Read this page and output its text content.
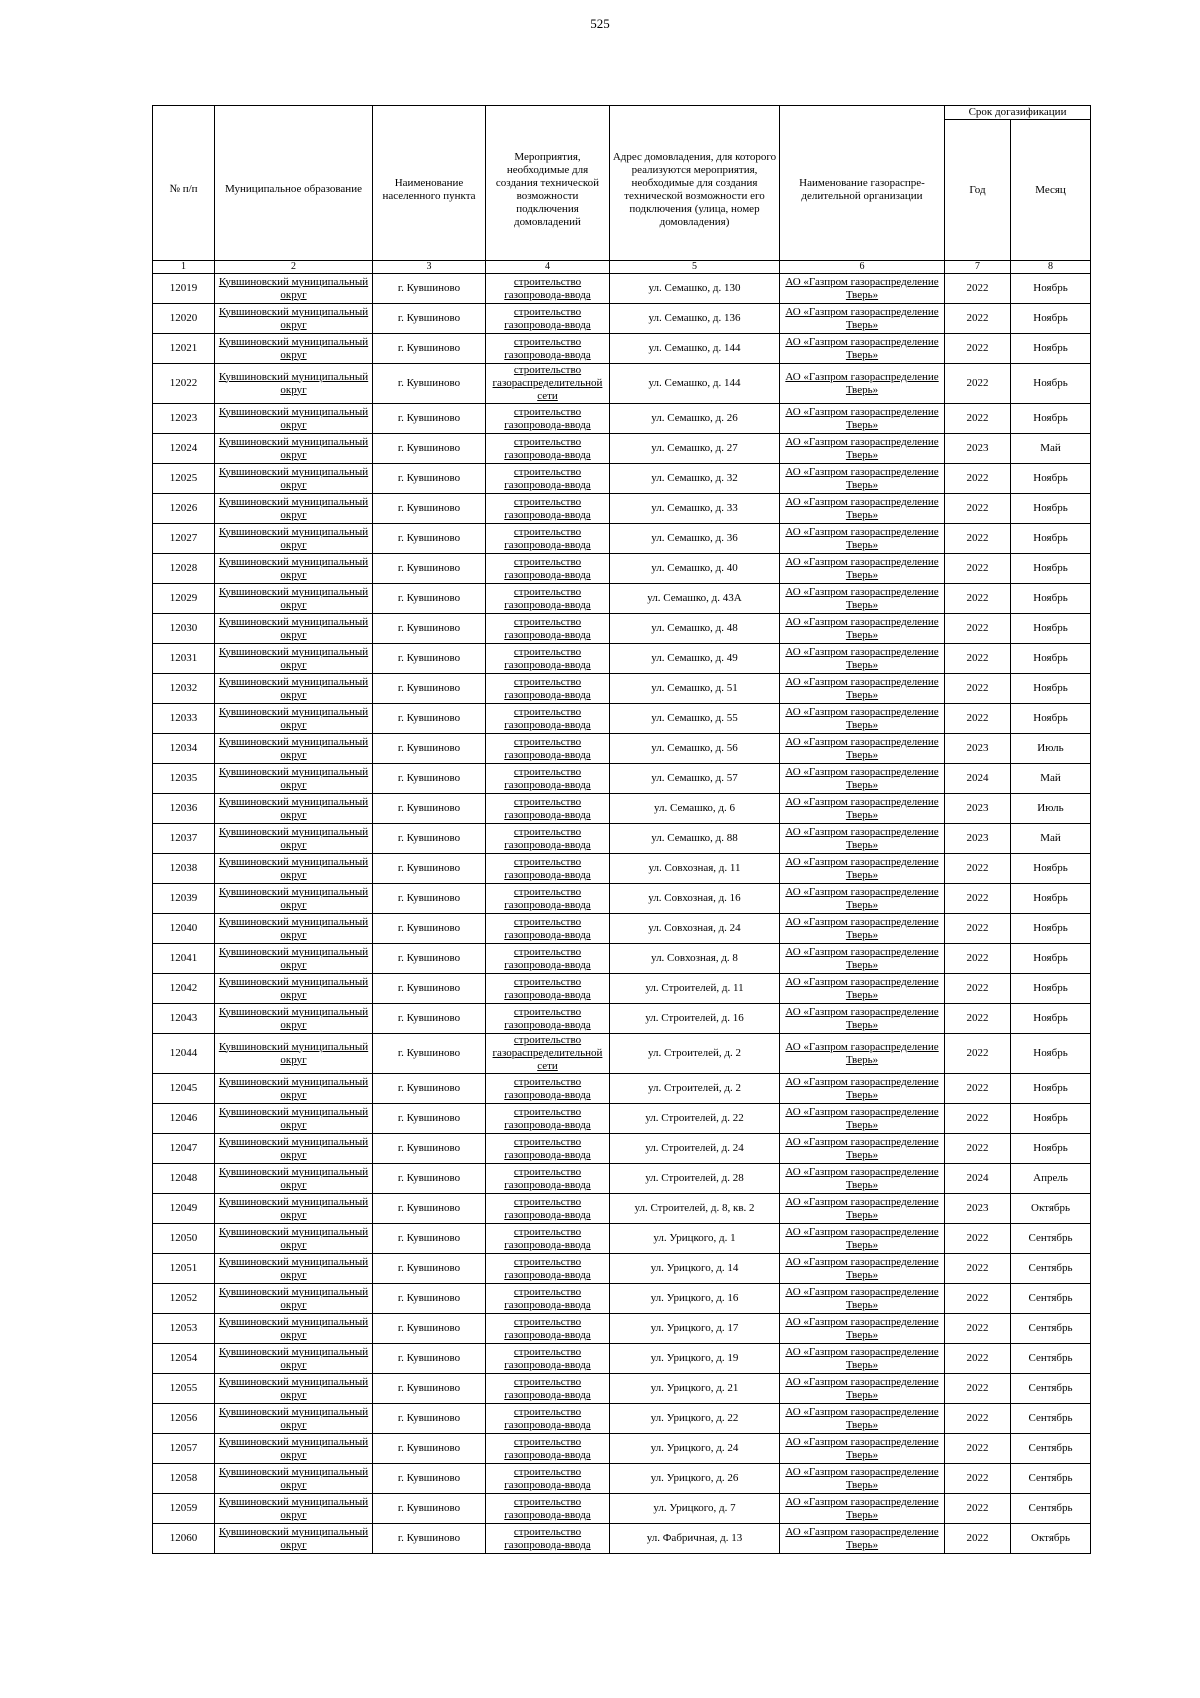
525
						Срок догазификации	
№ п/п	Муниципальное образование	Наименование населенного пункта	Мероприятия, необходимые для создания технической возможности подключения домовладений	Адрес домовладения, для которого реализуются мероприятия, необходимые для создания технической возможности его подключения (улица, номер домовладения)	Наименование газораспре-делительной организации	Год	Месяц
1	2	3	4	5	6	7	8
12019	Кувшиновский муниципальный округ	г. Кувшиново	строительство газопровода-ввода	ул. Семашко, д. 130	АО «Газпром газораспределение Тверь»	2022	Ноябрь
12020	Кувшиновский муниципальный округ	г. Кувшиново	строительство газопровода-ввода	ул. Семашко, д. 136	АО «Газпром газораспределение Тверь»	2022	Ноябрь
12021	Кувшиновский муниципальный округ	г. Кувшиново	строительство газопровода-ввода	ул. Семашко, д. 144	АО «Газпром газораспределение Тверь»	2022	Ноябрь
12022	Кувшиновский муниципальный округ	г. Кувшиново	строительство газораспределительной сети	ул. Семашко, д. 144	АО «Газпром газораспределение Тверь»	2022	Ноябрь
12023	Кувшиновский муниципальный округ	г. Кувшиново	строительство газопровода-ввода	ул. Семашко, д. 26	АО «Газпром газораспределение Тверь»	2022	Ноябрь
12024	Кувшиновский муниципальный округ	г. Кувшиново	строительство газопровода-ввода	ул. Семашко, д. 27	АО «Газпром газораспределение Тверь»	2023	Май
12025	Кувшиновский муниципальный округ	г. Кувшиново	строительство газопровода-ввода	ул. Семашко, д. 32	АО «Газпром газораспределение Тверь»	2022	Ноябрь
12026	Кувшиновский муниципальный округ	г. Кувшиново	строительство газопровода-ввода	ул. Семашко, д. 33	АО «Газпром газораспределение Тверь»	2022	Ноябрь
12027	Кувшиновский муниципальный округ	г. Кувшиново	строительство газопровода-ввода	ул. Семашко, д. 36	АО «Газпром газораспределение Тверь»	2022	Ноябрь
12028	Кувшиновский муниципальный округ	г. Кувшиново	строительство газопровода-ввода	ул. Семашко, д. 40	АО «Газпром газораспределение Тверь»	2022	Ноябрь
12029	Кувшиновский муниципальный округ	г. Кувшиново	строительство газопровода-ввода	ул. Семашко, д. 43А	АО «Газпром газораспределение Тверь»	2022	Ноябрь
12030	Кувшиновский муниципальный округ	г. Кувшиново	строительство газопровода-ввода	ул. Семашко, д. 48	АО «Газпром газораспределение Тверь»	2022	Ноябрь
12031	Кувшиновский муниципальный округ	г. Кувшиново	строительство газопровода-ввода	ул. Семашко, д. 49	АО «Газпром газораспределение Тверь»	2022	Ноябрь
12032	Кувшиновский муниципальный округ	г. Кувшиново	строительство газопровода-ввода	ул. Семашко, д. 51	АО «Газпром газораспределение Тверь»	2022	Ноябрь
12033	Кувшиновский муниципальный округ	г. Кувшиново	строительство газопровода-ввода	ул. Семашко, д. 55	АО «Газпром газораспределение Тверь»	2022	Ноябрь
12034	Кувшиновский муниципальный округ	г. Кувшиново	строительство газопровода-ввода	ул. Семашко, д. 56	АО «Газпром газораспределение Тверь»	2023	Июль
12035	Кувшиновский муниципальный округ	г. Кувшиново	строительство газопровода-ввода	ул. Семашко, д. 57	АО «Газпром газораспределение Тверь»	2024	Май
12036	Кувшиновский муниципальный округ	г. Кувшиново	строительство газопровода-ввода	ул. Семашко, д. 6	АО «Газпром газораспределение Тверь»	2023	Июль
12037	Кувшиновский муниципальный округ	г. Кувшиново	строительство газопровода-ввода	ул. Семашко, д. 88	АО «Газпром газораспределение Тверь»	2023	Май
12038	Кувшиновский муниципальный округ	г. Кувшиново	строительство газопровода-ввода	ул. Совхозная, д. 11	АО «Газпром газораспределение Тверь»	2022	Ноябрь
12039	Кувшиновский муниципальный округ	г. Кувшиново	строительство газопровода-ввода	ул. Совхозная, д. 16	АО «Газпром газораспределение Тверь»	2022	Ноябрь
12040	Кувшиновский муниципальный округ	г. Кувшиново	строительство газопровода-ввода	ул. Совхозная, д. 24	АО «Газпром газораспределение Тверь»	2022	Ноябрь
12041	Кувшиновский муниципальный округ	г. Кувшиново	строительство газопровода-ввода	ул. Совхозная, д. 8	АО «Газпром газораспределение Тверь»	2022	Ноябрь
12042	Кувшиновский муниципальный округ	г. Кувшиново	строительство газопровода-ввода	ул. Строителей, д. 11	АО «Газпром газораспределение Тверь»	2022	Ноябрь
12043	Кувшиновский муниципальный округ	г. Кувшиново	строительство газопровода-ввода	ул. Строителей, д. 16	АО «Газпром газораспределение Тверь»	2022	Ноябрь
12044	Кувшиновский муниципальный округ	г. Кувшиново	строительство газораспределительной сети	ул. Строителей, д. 2	АО «Газпром газораспределение Тверь»	2022	Ноябрь
12045	Кувшиновский муниципальный округ	г. Кувшиново	строительство газопровода-ввода	ул. Строителей, д. 2	АО «Газпром газораспределение Тверь»	2022	Ноябрь
12046	Кувшиновский муниципальный округ	г. Кувшиново	строительство газопровода-ввода	ул. Строителей, д. 22	АО «Газпром газораспределение Тверь»	2022	Ноябрь
12047	Кувшиновский муниципальный округ	г. Кувшиново	строительство газопровода-ввода	ул. Строителей, д. 24	АО «Газпром газораспределение Тверь»	2022	Ноябрь
12048	Кувшиновский муниципальный округ	г. Кувшиново	строительство газопровода-ввода	ул. Строителей, д. 28	АО «Газпром газораспределение Тверь»	2024	Апрель
12049	Кувшиновский муниципальный округ	г. Кувшиново	строительство газопровода-ввода	ул. Строителей, д. 8, кв. 2	АО «Газпром газораспределение Тверь»	2023	Октябрь
12050	Кувшиновский муниципальный округ	г. Кувшиново	строительство газопровода-ввода	ул. Урицкого, д. 1	АО «Газпром газораспределение Тверь»	2022	Сентябрь
12051	Кувшиновский муниципальный округ	г. Кувшиново	строительство газопровода-ввода	ул. Урицкого, д. 14	АО «Газпром газораспределение Тверь»	2022	Сентябрь
12052	Кувшиновский муниципальный округ	г. Кувшиново	строительство газопровода-ввода	ул. Урицкого, д. 16	АО «Газпром газораспределение Тверь»	2022	Сентябрь
12053	Кувшиновский муниципальный округ	г. Кувшиново	строительство газопровода-ввода	ул. Урицкого, д. 17	АО «Газпром газораспределение Тверь»	2022	Сентябрь
12054	Кувшиновский муниципальный округ	г. Кувшиново	строительство газопровода-ввода	ул. Урицкого, д. 19	АО «Газпром газораспределение Тверь»	2022	Сентябрь
12055	Кувшиновский муниципальный округ	г. Кувшиново	строительство газопровода-ввода	ул. Урицкого, д. 21	АО «Газпром газораспределение Тверь»	2022	Сентябрь
12056	Кувшиновский муниципальный округ	г. Кувшиново	строительство газопровода-ввода	ул. Урицкого, д. 22	АО «Газпром газораспределение Тверь»	2022	Сентябрь
12057	Кувшиновский муниципальный округ	г. Кувшиново	строительство газопровода-ввода	ул. Урицкого, д. 24	АО «Газпром газораспределение Тверь»	2022	Сентябрь
12058	Кувшиновский муниципальный округ	г. Кувшиново	строительство газопровода-ввода	ул. Урицкого, д. 26	АО «Газпром газораспределение Тверь»	2022	Сентябрь
12059	Кувшиновский муниципальный округ	г. Кувшиново	строительство газопровода-ввода	ул. Урицкого, д. 7	АО «Газпром газораспределение Тверь»	2022	Сентябрь
12060	Кувшиновский муниципальный округ	г. Кувшиново	строительство газопровода-ввода	ул. Фабричная, д. 13	АО «Газпром газораспределение Тверь»	2022	Октябрь
